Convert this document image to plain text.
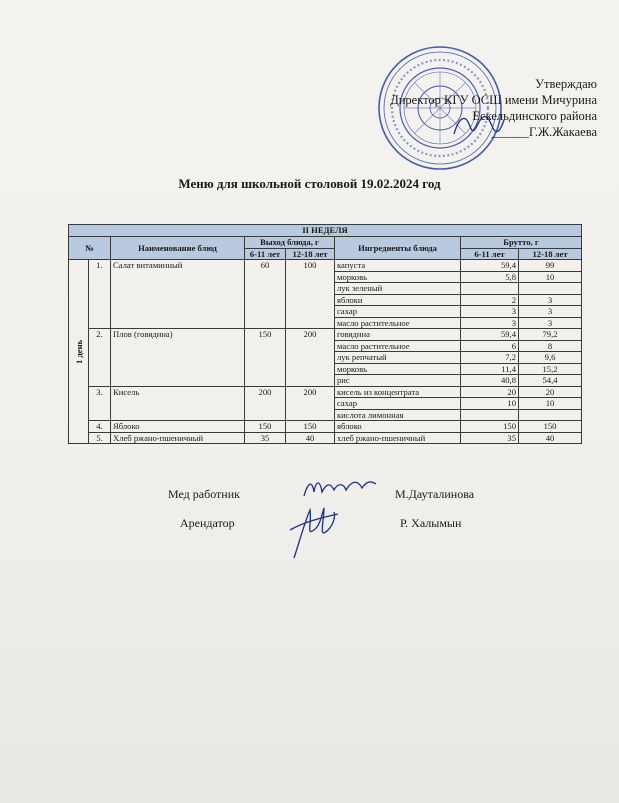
Утверждаю
Директор КГУ ОСШ имени Мичурина
Ескельдинского района
______Г.Ж.Жакаева
Меню для школьной столовой 19.02.2024 год
II НЕДЕЛЯ							
№		Наименование блюд	Выход блюда, г		Ингредиенты блюда	Брутто, г	
			6-11 лет	12-18 лет		6-11 лет	12-18 лет
1 день	1.	Салат витаминный	60	100	капуста	59,4	99
					морковь	5,8	10
					лук зеленый		
					яблоки	2	3
					сахар	3	3
					масло растительное	3	3
	2.	Плов (говядина)	150	200	говядина	59,4	79,2
					масло растительное	6	8
					лук репчатый	7,2	9,6
					морковь	11,4	15,2
					рис	40,8	54,4
	3.	Кисель	200	200	кисель из концентрата	20	20
					сахар	10	10
					кислота лимонная		
	4.	Яблоко	150	150	яблоко	150	150
	5.	Хлеб ржано-пшеничный	35	40	хлеб ржано-пшеничный	35	40
Мед работник	М.Дауталинова
Арендатор	Р. Халымын
